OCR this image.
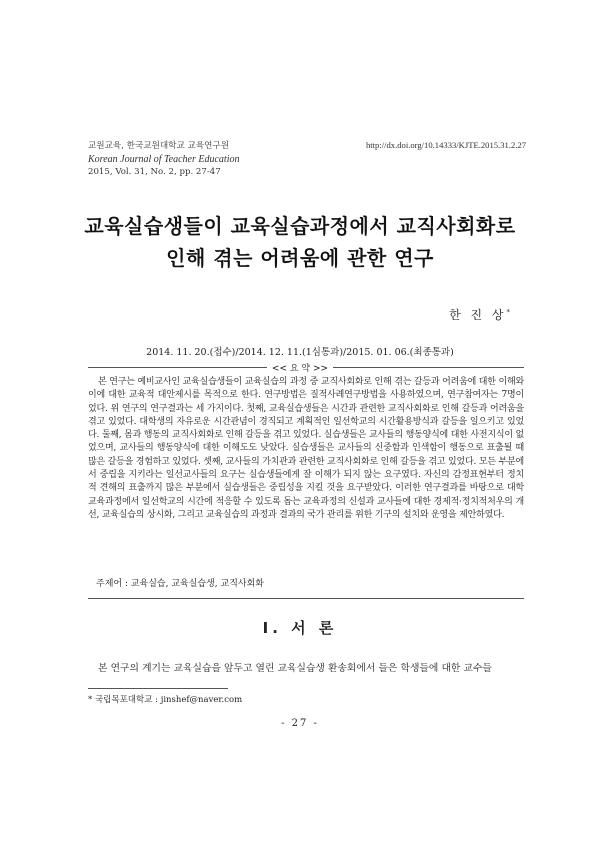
교원교육, 한국교원대학교 교육연구원
Korean Journal of Teacher Education
2015, Vol. 31, No. 2, pp. 27-47
http://dx.doi.org/10.14333/KJTE.2015.31.2.27
교육실습생들이 교육실습과정에서 교직사회화로
인해 겪는 어려움에 관한 연구
한 진 상*
2014. 11. 20.(접수)/2014. 12. 11.(1심통과)/2015. 01. 06.(최종통과)
<< 요 약 >>
본 연구는 예비교사인 교육실습생들이 교육실습의 과정 중 교직사회화로 인해 겪는 갈등과 어려움에 대한 이해와 이에 대한 교육적 대안제시를 목적으로 한다. 연구방법은 질적사례연구방법을 사용하였으며, 연구참여자는 7명이었다. 위 연구의 연구결과는 세 가지이다. 첫째, 교육실습생들은 시간과 관련한 교직사회화로 인해 갈등과 어려움을 겪고 있었다. 대학생의 자유로운 시간관념이 경직되고 계획적인 일선학교의 시간활용방식과 갈등을 일으키고 있었다. 둘째, 몸과 행동의 교직사회화로 인해 갈등을 겪고 있었다. 실습생들은 교사들의 행동양식에 대한 사전지식이 없었으며, 교사들의 행동양식에 대한 이해도도 낮았다. 실습생들은 교사들의 신중함과 인색함이 행동으로 표출될 때 많은 갈등을 경험하고 있었다. 셋째, 교사들의 가치관과 관련한 교직사회화로 인해 갈등을 겪고 있었다. 모든 부분에서 중립을 지키라는 일선교사들의 요구는 실습생들에게 잘 이해가 되지 않는 요구였다. 자신의 감정표현부터 정치적 견해의 표출까지 많은 부분에서 실습생들은 중립성을 지킬 것을 요구받았다. 이러한 연구결과를 바탕으로 대학교육과정에서 일선학교의 시간에 적응할 수 있도록 돕는 교육과정의 신설과 교사들에 대한 경제적·정치적처우의 개선, 교육실습의 상시화, 그리고 교육실습의 과정과 결과의 국가 관리를 위한 기구의 설치와 운영을 제안하였다.
주제어 : 교육실습, 교육실습생, 교직사회화
Ⅰ. 서 론
본 연구의 계기는 교육실습을 앞두고 열린 교육실습생 환송회에서 들은 학생들에 대한 교수들
* 국립목포대학교 : jinshef@naver.com
- 27 -
